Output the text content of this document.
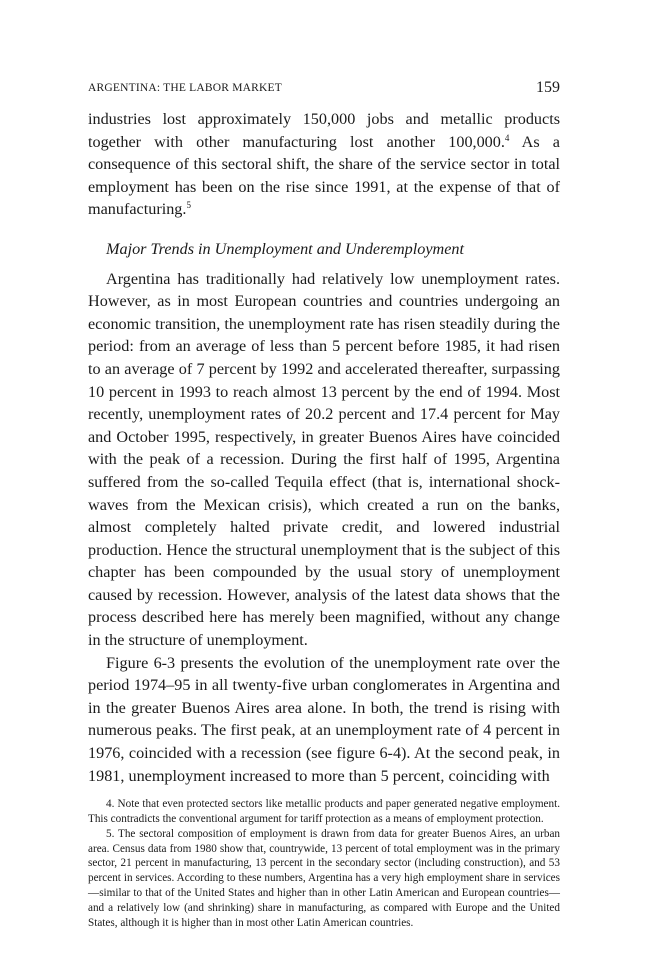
ARGENTINA: THE LABOR MARKET	159

industries lost approximately 150,000 jobs and metallic products together with other manufacturing lost another 100,000.$^4$ As a consequence of this sectoral shift, the share of the service sector in total employment has been on the rise since 1991, at the expense of that of manufacturing.$^5$

Major Trends in Unemployment and Underemployment

Argentina has traditionally had relatively low unemployment rates. However, as in most European countries and countries undergoing an economic transition, the unemployment rate has risen steadily during the period: from an average of less than 5 percent before 1985, it had risen to an average of 7 percent by 1992 and accelerated thereafter, surpassing 10 percent in 1993 to reach almost 13 percent by the end of 1994. Most recently, unemployment rates of 20.2 percent and 17.4 percent for May and October 1995, respectively, in greater Buenos Aires have coincided with the peak of a recession. During the first half of 1995, Argentina suffered from the so-called Tequila effect (that is, international shock-waves from the Mexican crisis), which created a run on the banks, almost completely halted private credit, and lowered industrial production. Hence the structural unemployment that is the subject of this chapter has been compounded by the usual story of unemployment caused by recession. However, analysis of the latest data shows that the process described here has merely been magnified, without any change in the structure of unemployment.

Figure 6-3 presents the evolution of the unemployment rate over the period 1974–95 in all twenty-five urban conglomerates in Argentina and in the greater Buenos Aires area alone. In both, the trend is rising with numerous peaks. The first peak, at an unemployment rate of 4 percent in 1976, coincided with a recession (see figure 6-4). At the second peak, in 1981, unemployment increased to more than 5 percent, coinciding with

4. Note that even protected sectors like metallic products and paper generated negative employment. This contradicts the conventional argument for tariff protection as a means of employment protection.

5. The sectoral composition of employment is drawn from data for greater Buenos Aires, an urban area. Census data from 1980 show that, countrywide, 13 percent of total employment was in the primary sector, 21 percent in manufacturing, 13 percent in the secondary sector (including construction), and 53 percent in services. According to these numbers, Argentina has a very high employment share in services—similar to that of the United States and higher than in other Latin American and European countries—and a relatively low (and shrinking) share in manufacturing, as compared with Europe and the United States, although it is higher than in most other Latin American countries.
